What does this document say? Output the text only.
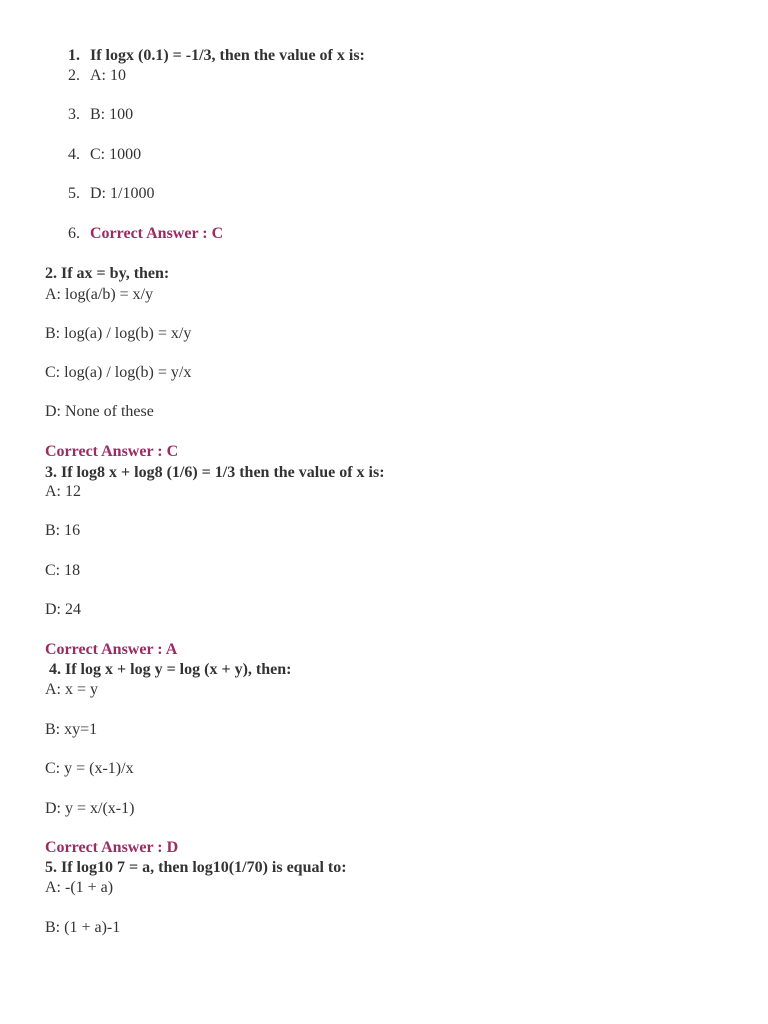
1. If logx (0.1) = -1/3, then the value of x is:
2. A: 10
3. B: 100
4. C: 1000
5. D: 1/1000
6. Correct Answer : C
2. If ax = by, then:
A: log(a/b) = x/y
B: log(a) / log(b) = x/y
C: log(a) / log(b) = y/x
D: None of these
Correct Answer : C
3. If log8 x + log8 (1/6) = 1/3 then the value of x is:
A: 12
B: 16
C: 18
D: 24
Correct Answer : A
4. If log x + log y = log (x + y), then:
A: x = y
B: xy=1
C: y = (x-1)/x
D: y = x/(x-1)
Correct Answer : D
5. If log10 7 = a, then log10(1/70) is equal to:
A: -(1 + a)
B: (1 + a)-1
